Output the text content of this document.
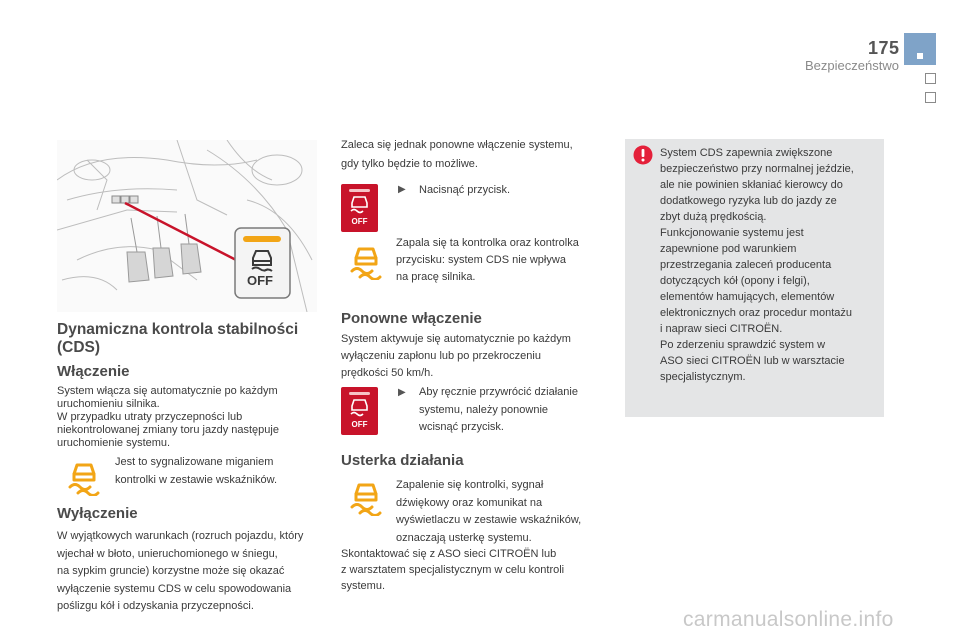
175
Bezpieczeństwo
OFF
Dynamiczna kontrola stabilności (CDS)
Włączenie
System włącza się automatycznie po każdym
uruchomieniu silnika.
W przypadku utraty przyczepności lub
niekontrolowanej zmiany toru jazdy następuje
uruchomienie systemu.
Jest to sygnalizowane miganiem
kontrolki w zestawie wskaźników.
Wyłączenie
W wyjątkowych warunkach (rozruch pojazdu, który
wjechał w błoto, unieruchomionego w śniegu,
na sypkim gruncie) korzystne może się okazać
wyłączenie systemu CDS w celu spowodowania
poślizgu kół i odzyskania przyczepności.
Zaleca się jednak ponowne włączenie systemu,
gdy tylko będzie to możliwe.
OFF
▶ Nacisnąć przycisk.
Zapala się ta kontrolka oraz kontrolka
przycisku: system CDS nie wpływa
na pracę silnika.
Ponowne włączenie
System aktywuje się automatycznie po każdym
wyłączeniu zapłonu lub po przekroczeniu
prędkości 50 km/h.
OFF
▶ Aby ręcznie przywrócić działanie
systemu, należy ponownie
wcisnąć przycisk.
Usterka działania
Zapalenie się kontrolki, sygnał
dźwiękowy oraz komunikat na
wyświetlaczu w zestawie wskaźników,
oznaczają usterkę systemu.
Skontaktować się z ASO sieci CITROËN lub
z warsztatem specjalistycznym w celu kontroli
systemu.
System CDS zapewnia zwiększone
bezpieczeństwo przy normalnej jeździe,
ale nie powinien skłaniać kierowcy do
dodatkowego ryzyka lub do jazdy ze
zbyt dużą prędkością.
Funkcjonowanie systemu jest
zapewnione pod warunkiem
przestrzegania zaleceń producenta
dotyczących kół (opony i felgi),
elementów hamujących, elementów
elektronicznych oraz procedur montażu
i napraw sieci CITROËN.
Po zderzeniu sprawdzić system w
ASO sieci CITROËN lub w warsztacie
specjalistycznym.
carmanualsonline.info
